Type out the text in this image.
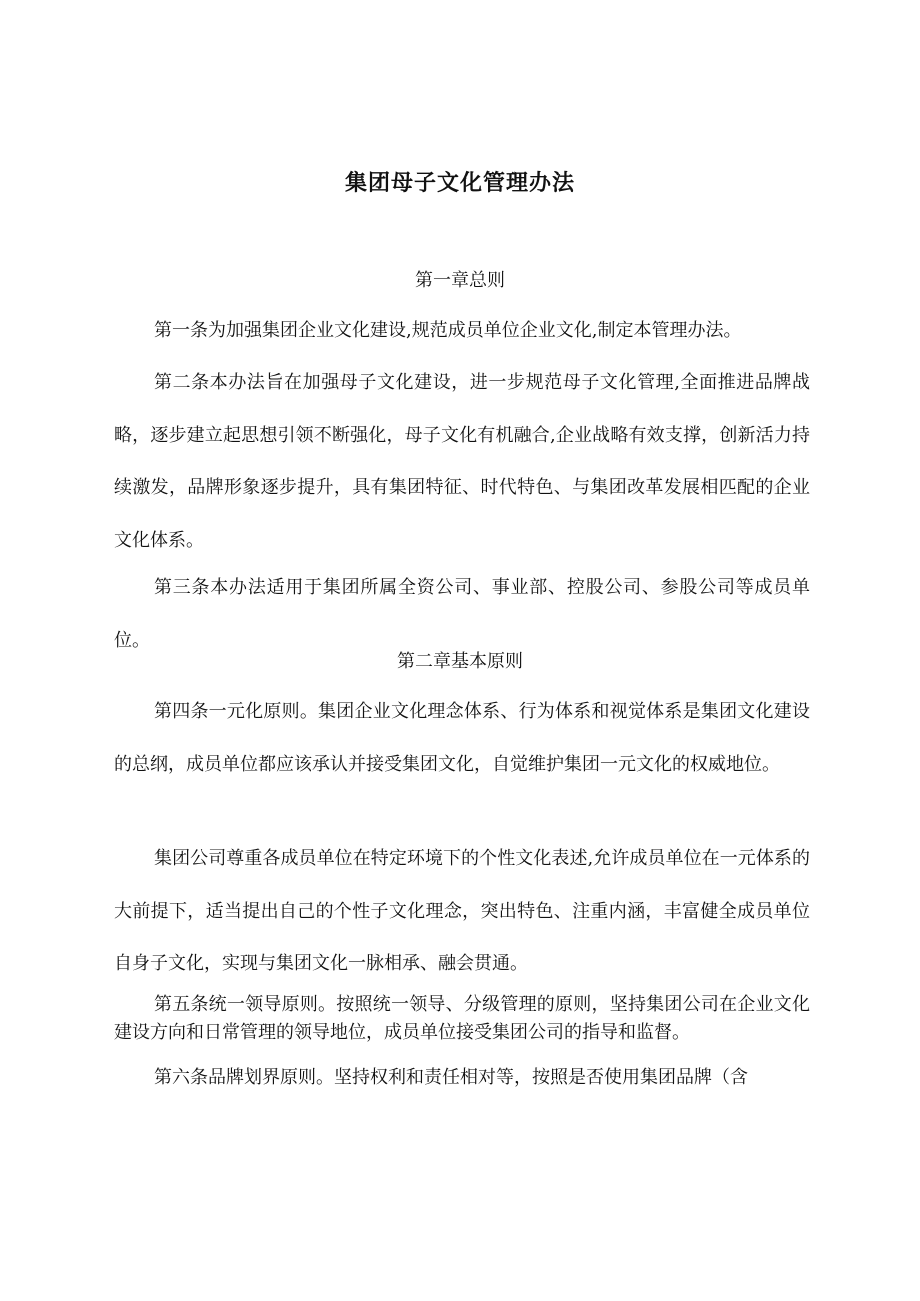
集团母子文化管理办法

第一章总则

第一条为加强集团企业文化建设,规范成员单位企业文化,制定本管理办法。

第二条本办法旨在加强母子文化建设，进一步规范母子文化管理,全面推进品牌战略，逐步建立起思想引领不断强化，母子文化有机融合,企业战略有效支撑，创新活力持续激发，品牌形象逐步提升，具有集团特征、时代特色、与集团改革发展相匹配的企业文化体系。

第三条本办法适用于集团所属全资公司、事业部、控股公司、参股公司等成员单位。

第二章基本原则

第四条一元化原则。集团企业文化理念体系、行为体系和视觉体系是集团文化建设的总纲，成员单位都应该承认并接受集团文化，自觉维护集团一元文化的权威地位。

集团公司尊重各成员单位在特定环境下的个性文化表述,允许成员单位在一元体系的大前提下，适当提出自己的个性子文化理念，突出特色、注重内涵，丰富健全成员单位自身子文化，实现与集团文化一脉相承、融会贯通。

第五条统一领导原则。按照统一领导、分级管理的原则，坚持集团公司在企业文化建设方向和日常管理的领导地位，成员单位接受集团公司的指导和监督。

第六条品牌划界原则。坚持权利和责任相对等，按照是否使用集团品牌（含
